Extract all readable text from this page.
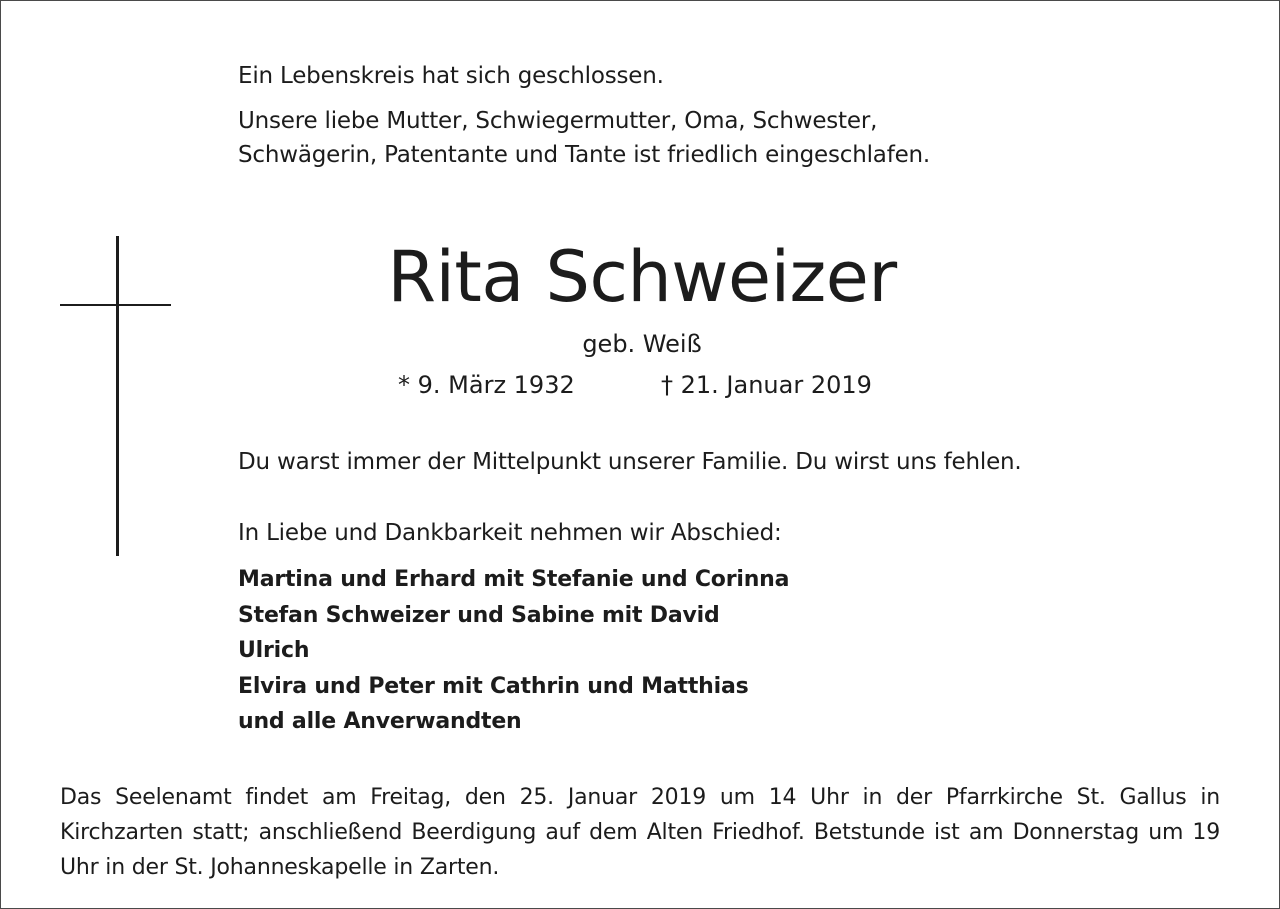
Ein Lebenskreis hat sich geschlossen.
Unsere liebe Mutter, Schwiegermutter, Oma, Schwester,
Schwägerin, Patentante und Tante ist friedlich eingeschlafen.
Rita Schweizer
geb. Weiß
* 9. März 1932	† 21. Januar 2019
Du warst immer der Mittelpunkt unserer Familie. Du wirst uns fehlen.
In Liebe und Dankbarkeit nehmen wir Abschied:
Martina und Erhard mit Stefanie und Corinna
Stefan Schweizer und Sabine mit David
Ulrich
Elvira und Peter mit Cathrin und Matthias
und alle Anverwandten
Das Seelenamt findet am Freitag, den 25. Januar 2019 um 14 Uhr in der Pfarrkirche St. Gallus in Kirchzarten statt; anschließend Beerdigung auf dem Alten Friedhof. Betstunde ist am Donnerstag um 19 Uhr in der St. Johanneskapelle in Zarten.
